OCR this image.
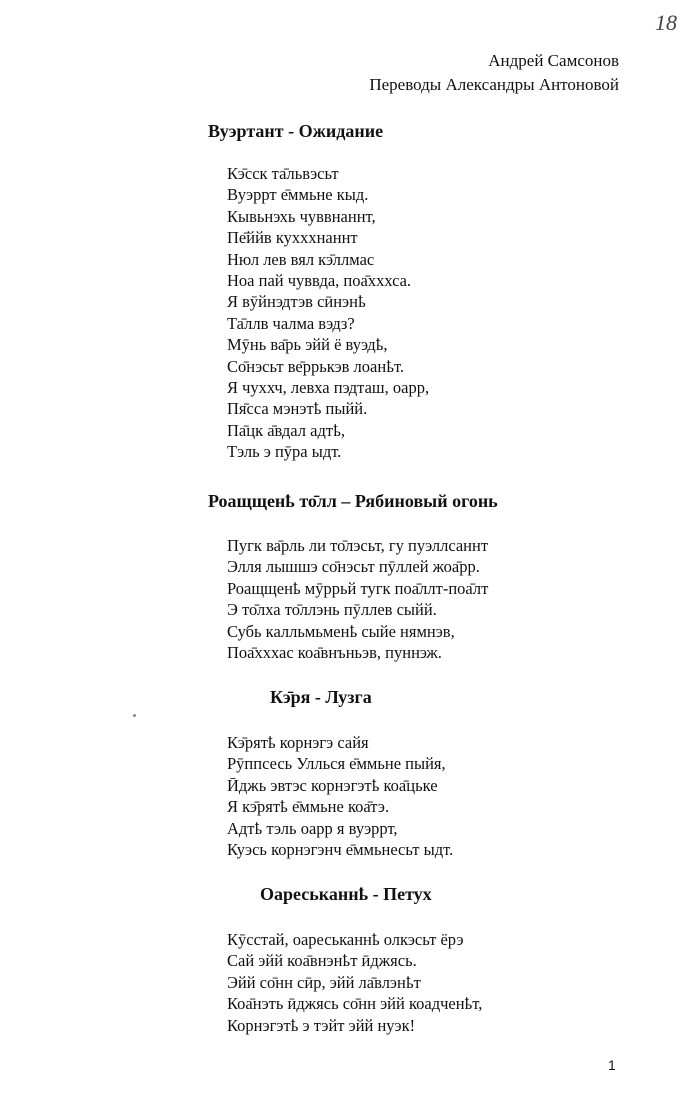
18
Андрей Самсонов
Переводы Александры Антоновой
Вуэртант - Ожидание
Кэ̄сск та̄львэсьт
Вуэррт е̄ммьне кыд.
Кывьнэхь чуввнаннт,
Пе̄ййв кухххнаннт
Нюл лев вял кэ̄ллмас
Ноа пай чуввда, поа̄хххса.
Я вӯйнэдтэв сӣнэнҍ
Та̄ллв чалма вэдз?
Мӯнь ва̄рь эйй ё вуэдҍ,
Со̄нэсьт ве̄ррькэв лоанҍт.
Я чуххч, левха пэдташ, оарр,
Пя̄сса мэнэтҍ пыйй.
Па̄цк а̄вдал адтҍ,
Тэль э пӯра ыдт.
Роащщенҍ то̄лл – Рябиновый огонь
Пугк ва̄рль ли то̄лэсьт, гу пуэллсаннт
Элля лышшэ со̄нэсьт пӯллей жоа̄рр.
Роащщенҍ мӯррьй тугк поа̄ллт-поа̄лт
Э то̄лха то̄ллэнь пӯллев сыйй.
Субь калльмьменҍ сыйе нямнэв,
Поа̄хххас коа̄внъньэв, пуннэж.
Кэ̄ря - Лузга
Кэ̄рятҍ корнэгэ сайя
Рӯппсесь Уллься е̄ммьне пыйя,
Ӣджь эвтэс корнэгэтҍ коа̄цьке
Я кэ̄рятҍ е̄ммьне коа̄тэ.
Адтҍ тэль оарр я вуэррт,
Куэсь корнэгэнч е̄ммьнесьт ыдт.
Оареськаннҍ - Петух
Кӯсстай, оареськаннҍ олкэсьт ёрэ
Сай эйй коа̄внэнҍт ӣджясь.
Эйй со̄нн сӣр, эйй ла̄влэнҍт
Коа̄нэть ӣджясь со̄нн эйй коадченҍт,
Корнэгэтҍ э тэйт эйй нуэк!
1
